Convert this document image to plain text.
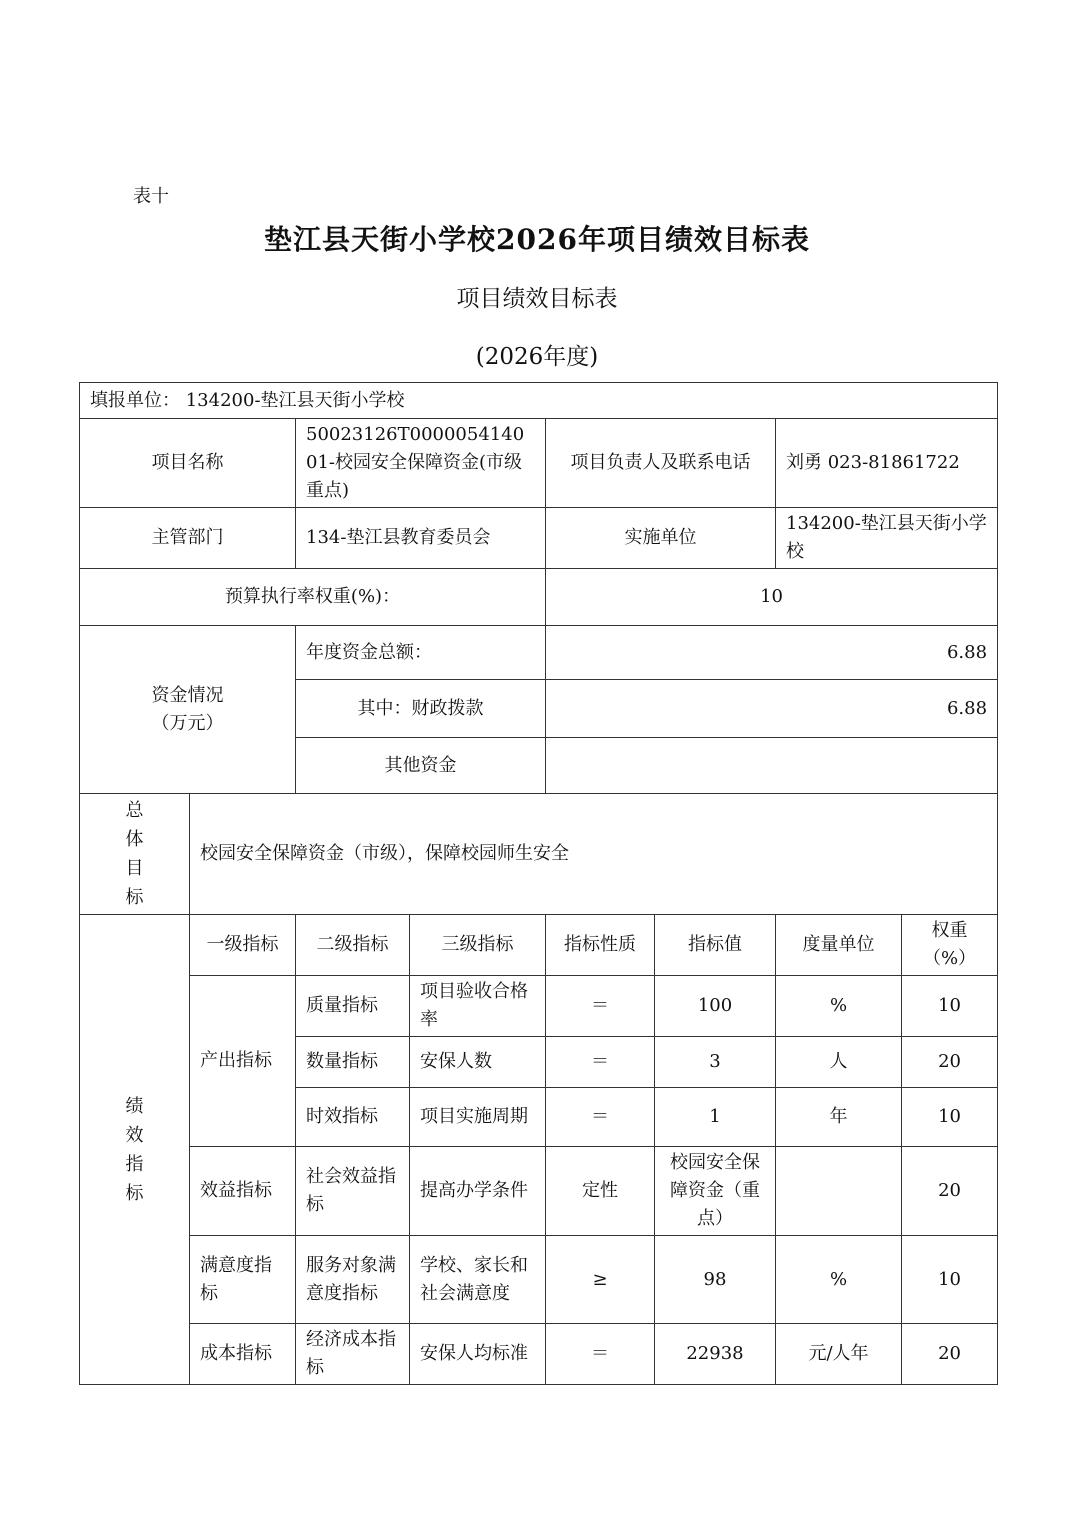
表十
垫江县天街小学校2026年项目绩效目标表
项目绩效目标表
(2026年度)
填报单位： 134200-垫江县天街小学校							
项目名称		50023126T000005414001-校园安全保障资金(市级重点)		项目负责人及联系电话		刘勇 023-81861722	
主管部门		134-垫江县教育委员会		实施单位		134200-垫江县天街小学校	
预算执行率权重(%)：				10			

资金情况
（万元）		年度资金总额：		6.88			
		其中：财政拨款		6.88			
		其他资金					

总
体
目
标	校园安全保障资金（市级），保障校园师生安全						

绩
效
指
标	一级指标	二级指标	三级指标	指标性质	指标值	度量单位	权重（%）
	产出指标	质量指标	项目验收合格率	＝	100	%	10
		数量指标	安保人数	＝	3	人	20
		时效指标	项目实施周期	＝	1	年	10
	效益指标	社会效益指标	提高办学条件	定性	校园安全保障资金（重点）		20
	满意度指标	服务对象满意度指标	学校、家长和社会满意度	≥	98	%	10
	成本指标	经济成本指标	安保人均标准	＝	22938	元/人年	20
